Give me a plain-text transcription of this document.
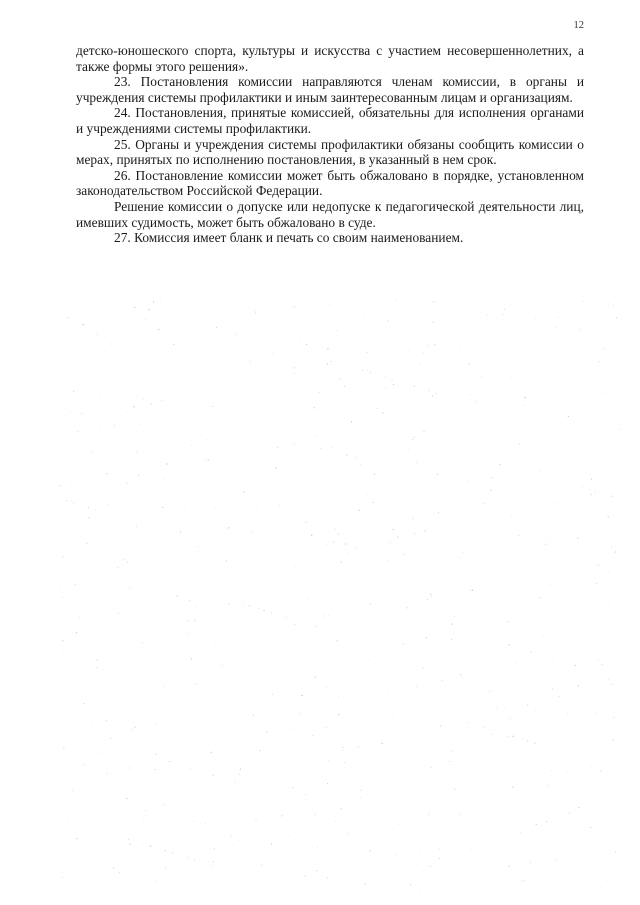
12

детско-юношеского спорта, культуры и искусства с участием несовершеннолетних, а также формы этого решения».

23. Постановления комиссии направляются членам комиссии, в органы и учреждения системы профилактики и иным заинтересованным лицам и организациям.

24. Постановления, принятые комиссией, обязательны для исполнения органами и учреждениями системы профилактики.

25. Органы и учреждения системы профилактики обязаны сообщить комиссии о мерах, принятых по исполнению постановления, в указанный в нем срок.

26. Постановление комиссии может быть обжаловано в порядке, установленном законодательством Российской Федерации.

Решение комиссии о допуске или недопуске к педагогической деятельности лиц, имевших судимость, может быть обжаловано в суде.

27. Комиссия имеет бланк и печать со своим наименованием.
